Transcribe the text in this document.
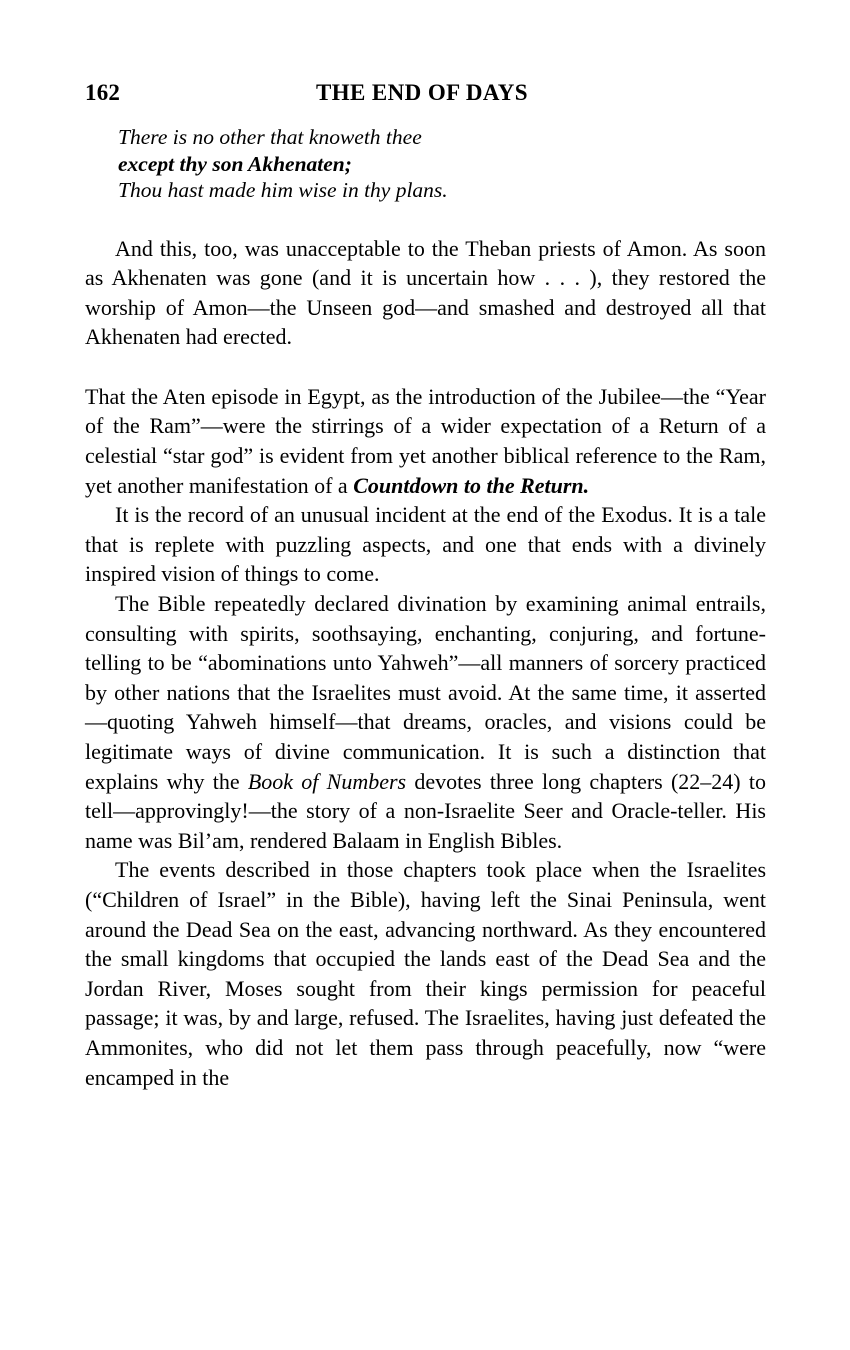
162	THE END OF DAYS
There is no other that knoweth thee
except thy son Akhenaten;
Thou hast made him wise in thy plans.

And this, too, was unacceptable to the Theban priests of Amon. As soon as Akhenaten was gone (and it is uncertain how . . . ), they restored the worship of Amon—the Unseen god—and smashed and destroyed all that Akhenaten had erected.

That the Aten episode in Egypt, as the introduction of the Jubilee—the “Year of the Ram”—were the stirrings of a wider expectation of a Return of a celestial “star god” is evident from yet another biblical reference to the Ram, yet another manifestation of a Countdown to the Return.

It is the record of an unusual incident at the end of the Exodus. It is a tale that is replete with puzzling aspects, and one that ends with a divinely inspired vision of things to come.

The Bible repeatedly declared divination by examining animal entrails, consulting with spirits, soothsaying, enchanting, conjuring, and fortune-telling to be “abominations unto Yahweh”—all manners of sorcery practiced by other nations that the Israelites must avoid. At the same time, it asserted—quoting Yahweh himself—that dreams, oracles, and visions could be legitimate ways of divine communication. It is such a distinction that explains why the Book of Numbers devotes three long chapters (22–24) to tell—approvingly!—the story of a non-Israelite Seer and Oracle-teller. His name was Bil’am, rendered Balaam in English Bibles.

The events described in those chapters took place when the Israelites (“Children of Israel” in the Bible), having left the Sinai Peninsula, went around the Dead Sea on the east, advancing northward. As they encountered the small kingdoms that occupied the lands east of the Dead Sea and the Jordan River, Moses sought from their kings permission for peaceful passage; it was, by and large, refused. The Israelites, having just defeated the Ammonites, who did not let them pass through peacefully, now “were encamped in the
